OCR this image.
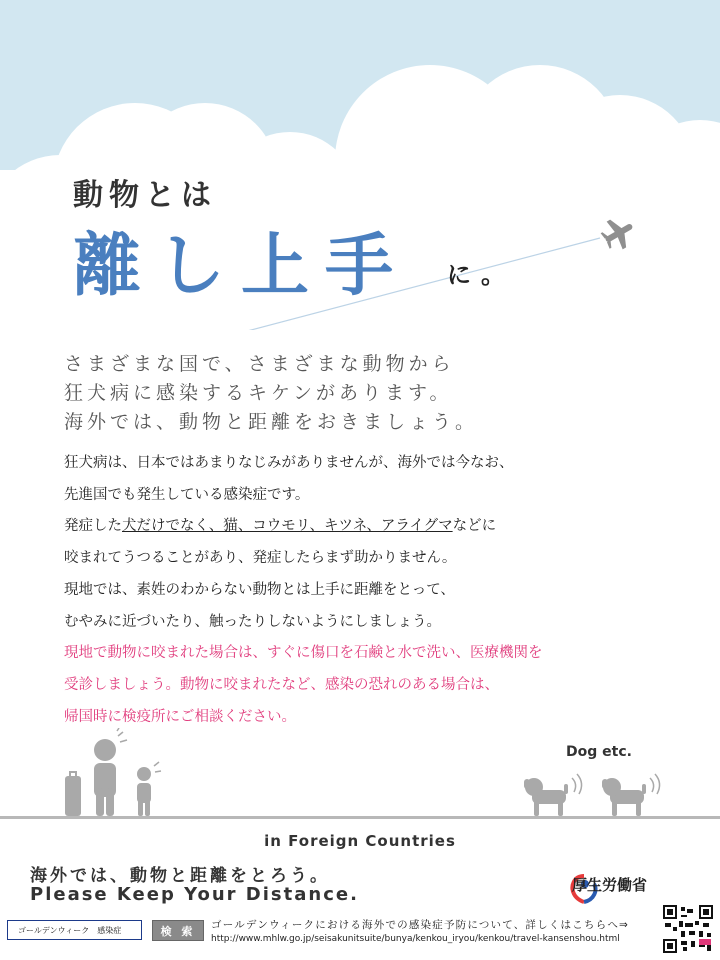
動物とは
離し上手 に。
さまざまな国で、さまざまな動物から
狂犬病に感染するキケンがあります。
海外では、動物と距離をおきましょう。
狂犬病は、日本ではあまりなじみがありませんが、海外では今なお、
先進国でも発生している感染症です。
発症した犬だけでなく、猫、コウモリ、キツネ、アライグマなどに
咬まれてうつることがあり、発症したらまず助かりません。
現地では、素姓のわからない動物とは上手に距離をとって、
むやみに近づいたり、触ったりしないようにしましょう。
現地で動物に咬まれた場合は、すぐに傷口を石鹸と水で洗い、医療機関を
受診しましょう。動物に咬まれたなど、感染の恐れのある場合は、
帰国時に検疫所にご相談ください。
Dog etc.
in Foreign Countries
海外では、動物と距離をとろう。
Please Keep Your Distance.	厚生労働省
ゴールデンウィーク　感染症	検 索	ゴールデンウィークにおける海外での感染症予防について、詳しくはこちらへ⇒
http://www.mhlw.go.jp/seisakunitsuite/bunya/kenkou_iryou/kenkou/travel-kansenshou.html
